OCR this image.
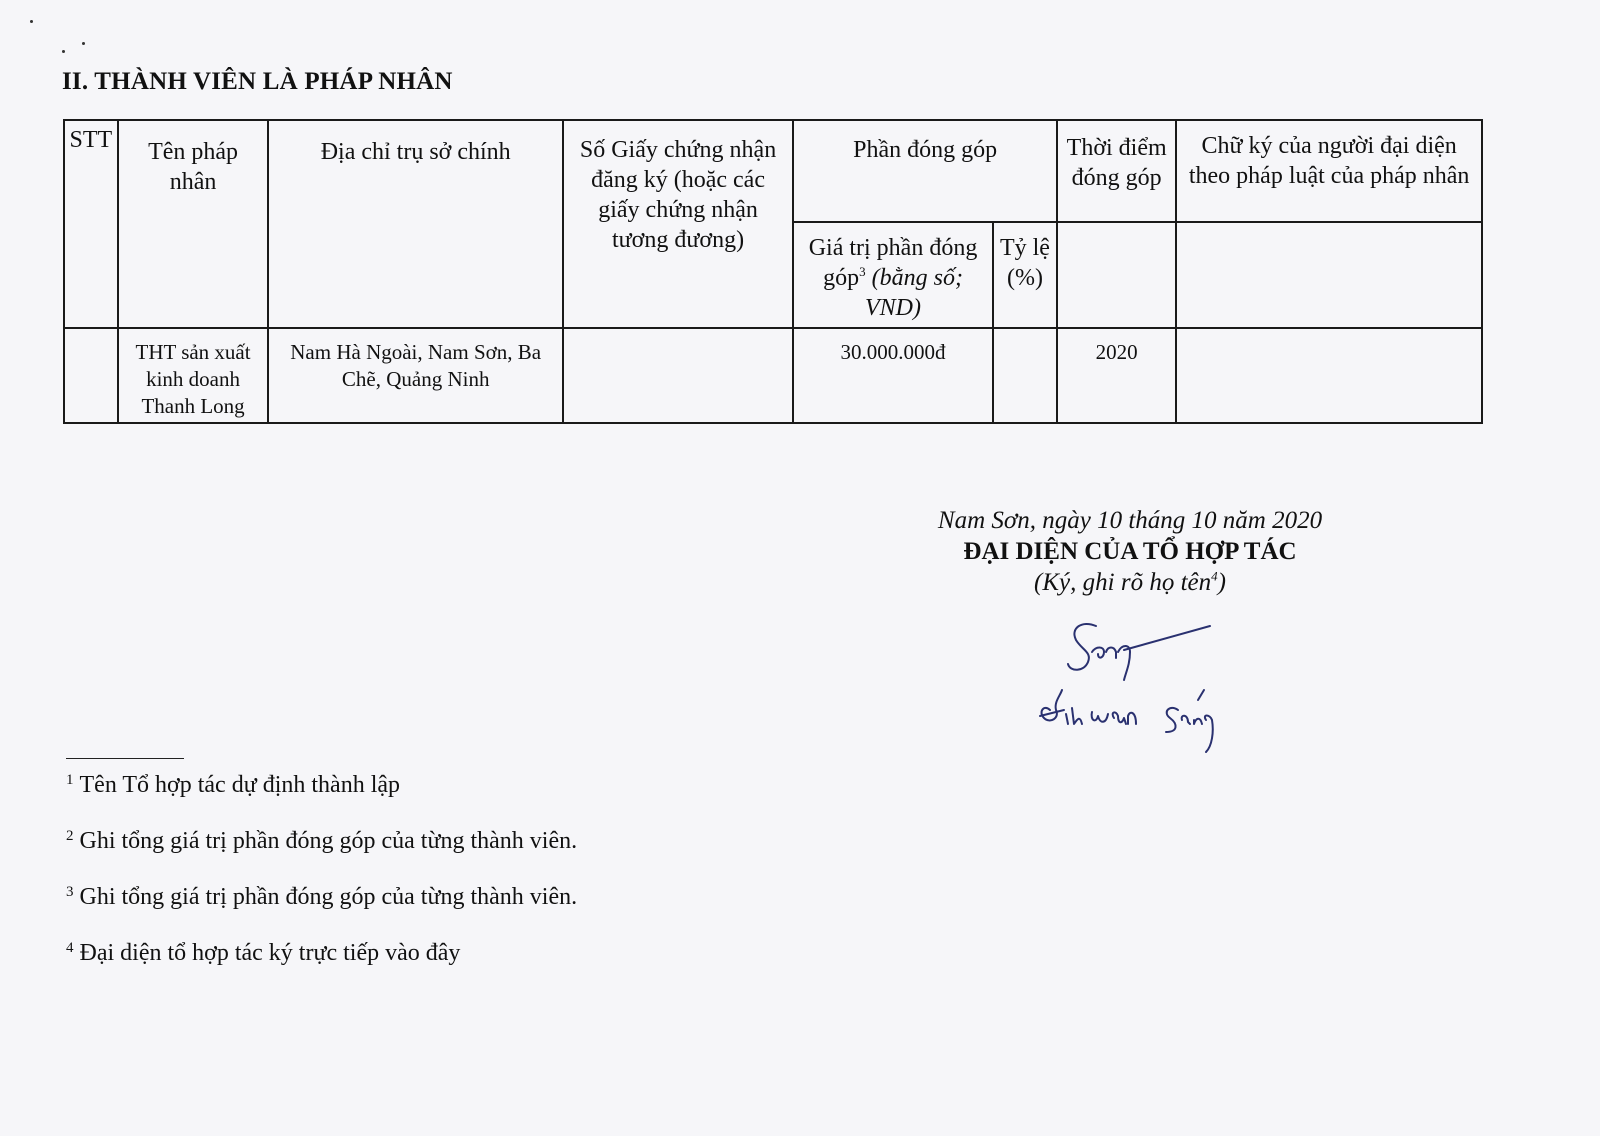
II. THÀNH VIÊN LÀ PHÁP NHÂN
STT	Tên pháp nhân	Địa chỉ trụ sở chính	Số Giấy chứng nhận đăng ký (hoặc các giấy chứng nhận tương đương)	Phần đóng góp		Thời điểm đóng góp	Chữ ký của người đại diện theo pháp luật của pháp nhân
				Giá trị phần đóng góp$^3$ (bằng số; VND)	Tỷ lệ (%)		
	THT sản xuất kinh doanh Thanh Long	Nam Hà Ngoài, Nam Sơn, Ba Chẽ, Quảng Ninh		30.000.000đ		2020	
Nam Sơn, ngày 10 tháng 10 năm 2020
ĐẠI DIỆN CỦA TỔ HỢP TÁC
(Ký, ghi rõ họ tên$^4$)
$^1$ Tên Tổ hợp tác dự định thành lập
$^2$ Ghi tổng giá trị phần đóng góp của từng thành viên.
$^3$ Ghi tổng giá trị phần đóng góp của từng thành viên.
$^4$ Đại diện tổ hợp tác ký trực tiếp vào đây
